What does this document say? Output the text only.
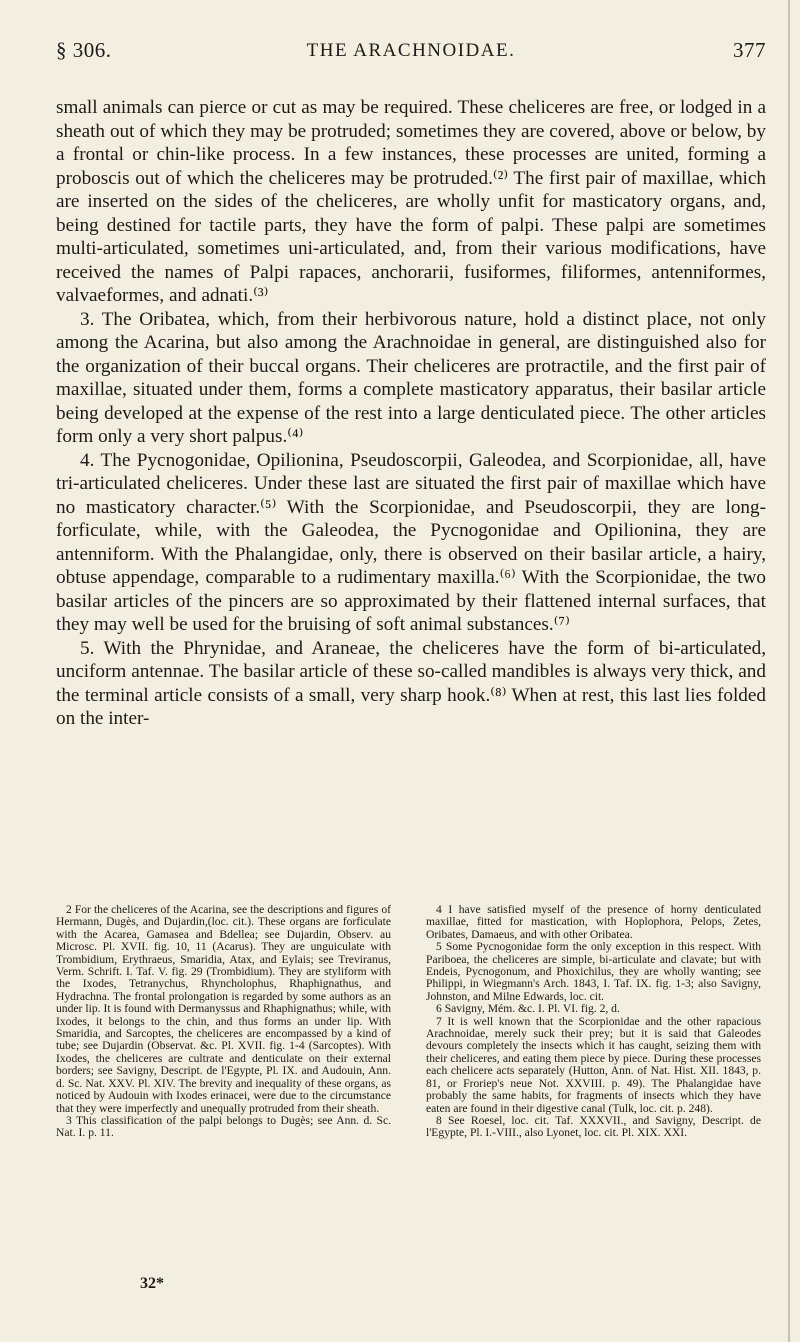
§ 306.	THE ARACHNOIDAE.	377

small animals can pierce or cut as may be required. These cheliceres are free, or lodged in a sheath out of which they may be protruded; sometimes they are covered, above or below, by a frontal or chin-like process. In a few instances, these processes are united, forming a proboscis out of which the cheliceres may be protruded.⁽²⁾ The first pair of maxillae, which are inserted on the sides of the cheliceres, are wholly unfit for masticatory organs, and, being destined for tactile parts, they have the form of palpi. These palpi are sometimes multi-articulated, sometimes uni-articulated, and, from their various modifications, have received the names of Palpi rapaces, anchorarii, fusiformes, filiformes, antenniformes, valvaeformes, and adnati.⁽³⁾

3. The Oribatea, which, from their herbivorous nature, hold a distinct place, not only among the Acarina, but also among the Arachnoidae in general, are distinguished also for the organization of their buccal organs. Their cheliceres are protractile, and the first pair of maxillae, situated under them, forms a complete masticatory apparatus, their basilar article being developed at the expense of the rest into a large denticulated piece. The other articles form only a very short palpus.⁽⁴⁾

4. The Pycnogonidae, Opilionina, Pseudoscorpii, Galeodea, and Scorpionidae, all, have tri-articulated cheliceres. Under these last are situated the first pair of maxillae which have no masticatory character.⁽⁵⁾ With the Scorpionidae, and Pseudoscorpii, they are long-forficulate, while, with the Galeodea, the Pycnogonidae and Opilionina, they are antenniform. With the Phalangidae, only, there is observed on their basilar article, a hairy, obtuse appendage, comparable to a rudimentary maxilla.⁽⁶⁾ With the Scorpionidae, the two basilar articles of the pincers are so approximated by their flattened internal surfaces, that they may well be used for the bruising of soft animal substances.⁽⁷⁾

5. With the Phrynidae, and Araneae, the cheliceres have the form of bi-articulated, unciform antennae. The basilar article of these so-called mandibles is always very thick, and the terminal article consists of a small, very sharp hook.⁽⁸⁾ When at rest, this last lies folded on the inter-

2 For the cheliceres of the Acarina, see the descriptions and figures of Hermann, Dugès, and Dujardin,(loc. cit.). These organs are forficulate with the Acarea, Gamasea and Bdellea; see Dujardin, Observ. au Microsc. Pl. XVII. fig. 10, 11 (Acarus). They are unguiculate with Trombidium, Erythraeus, Smaridia, Atax, and Eylais; see Treviranus, Verm. Schrift. I. Taf. V. fig. 29 (Trombidium). They are styliform with the Ixodes, Tetranychus, Rhyncholophus, Rhaphignathus, and Hydrachna. The frontal prolongation is regarded by some authors as an under lip. It is found with Dermanyssus and Rhaphignathus; while, with Ixodes, it belongs to the chin, and thus forms an under lip. With Smaridia, and Sarcoptes, the cheliceres are encompassed by a kind of tube; see Dujardin (Observat. &c. Pl. XVII. fig. 1-4 (Sarcoptes). With Ixodes, the cheliceres are cultrate and denticulate on their external borders; see Savigny, Descript. de l'Egypte, Pl. IX. and Audouin, Ann. d. Sc. Nat. XXV. Pl. XIV. The brevity and inequality of these organs, as noticed by Audouin with Ixodes erinacei, were due to the circumstance that they were imperfectly and unequally protruded from their sheath.

3 This classification of the palpi belongs to Dugès; see Ann. d. Sc. Nat. I. p. 11.

4 I have satisfied myself of the presence of horny denticulated maxillae, fitted for mastication, with Hoplophora, Pelops, Zetes, Oribates, Damaeus, and with other Oribatea.

5 Some Pycnogonidae form the only exception in this respect. With Pariboea, the cheliceres are simple, bi-articulate and clavate; but with Endeis, Pycnogonum, and Phoxichilus, they are wholly wanting; see Philippi, in Wiegmann's Arch. 1843, I. Taf. IX. fig. 1-3; also Savigny, Johnston, and Milne Edwards, loc. cit.

6 Savigny, Mém. &c. I. Pl. VI. fig. 2, d.

7 It is well known that the Scorpionidae and the other rapacious Arachnoidae, merely suck their prey; but it is said that Galeodes devours completely the insects which it has caught, seizing them with their cheliceres, and eating them piece by piece. During these processes each chelicere acts separately (Hutton, Ann. of Nat. Hist. XII. 1843, p. 81, or Froriep's neue Not. XXVIII. p. 49). The Phalangidae have probably the same habits, for fragments of insects which they have eaten are found in their digestive canal (Tulk, loc. cit. p. 248).

8 See Roesel, loc. cit. Taf. XXXVII., and Savigny, Descript. de l'Egypte, Pl. I.-VIII., also Lyonet, loc. cit. Pl. XIX. XXI.

32*
